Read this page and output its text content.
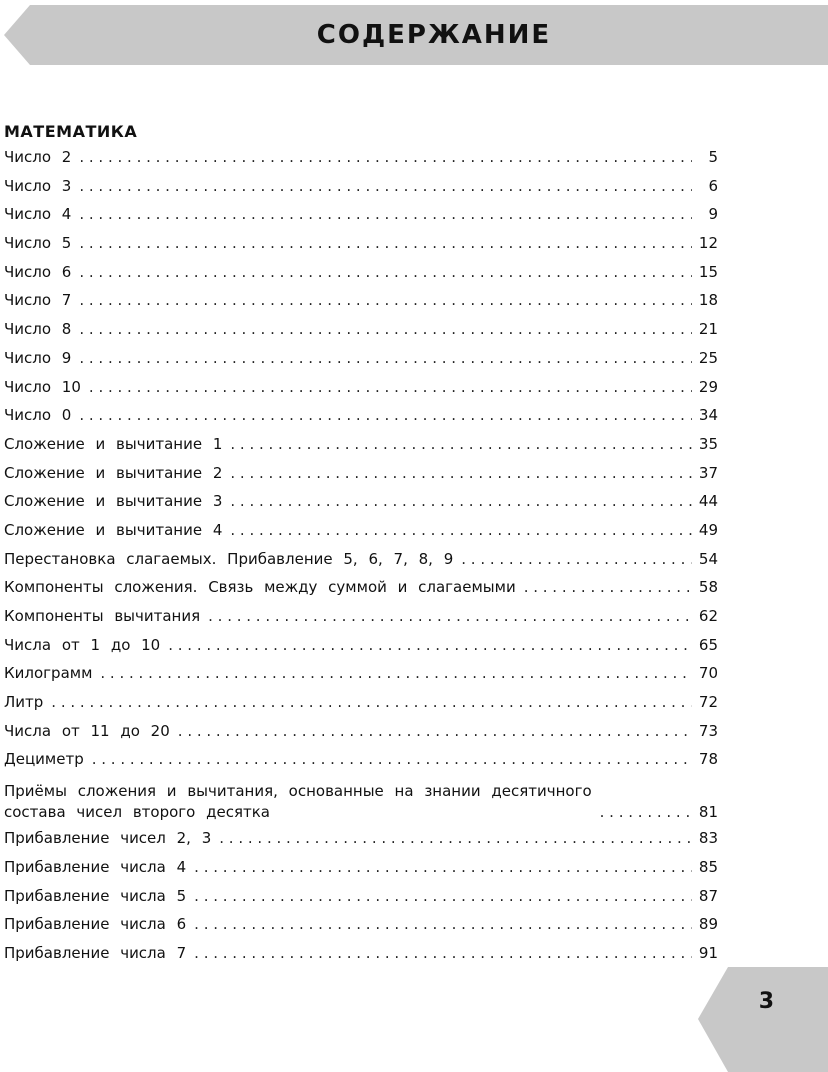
СОДЕРЖАНИЕ
МАТЕМАТИКА
Число 2 . . .	5
Число 3 . . .	6
Число 4 . . .	9
Число 5 . . .	12
Число 6 . . .	15
Число 7 . . .	18
Число 8 . . .	21
Число 9 . . .	25
Число 10 . . .	29
Число 0 . . .	34
Сложение и вычитание 1 . . .	35
Сложение и вычитание 2 . . .	37
Сложение и вычитание 3 . . .	44
Сложение и вычитание 4 . . .	49
Перестановка слагаемых. Прибавление 5, 6, 7, 8, 9 . . .	54
Компоненты сложения. Связь между суммой и слагаемыми . . .	58
Компоненты вычитания . . .	62
Числа от 1 до 10 . . .	65
Килограмм . . .	70
Литр . . .	72
Числа от 11 до 20 . . .	73
Дециметр . . .	78
Приёмы сложения и вычитания, основанные на знании десятичного
состава чисел второго десятка . . .	81
Прибавление чисел 2, 3 . . .	83
Прибавление числа 4 . . .	85
Прибавление числа 5 . . .	87
Прибавление числа 6 . . .	89
Прибавление числа 7 . . .	91
3
